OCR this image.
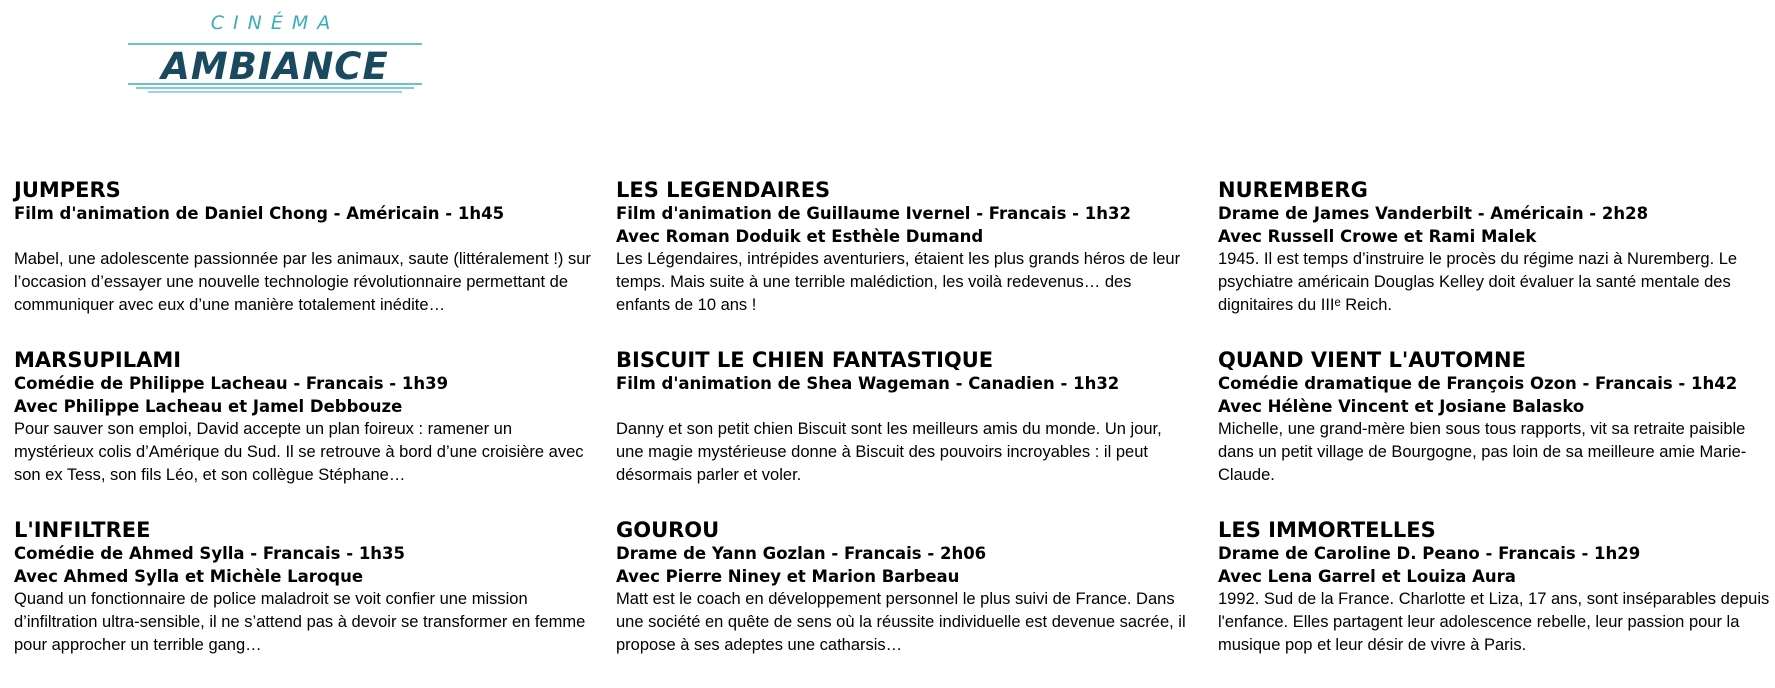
CINÉMA
AMBIANCE
JUMPERS
Film d'animation de Daniel Chong - Américain - 1h45
Mabel, une adolescente passionnée par les animaux, saute (littéralement !) sur l’occasion d’essayer une nouvelle technologie révolutionnaire permettant de communiquer avec eux d’une manière totalement inédite…
MARSUPILAMI
Comédie de Philippe Lacheau - Francais - 1h39
Avec Philippe Lacheau et Jamel Debbouze
Pour sauver son emploi, David accepte un plan foireux : ramener un mystérieux colis d’Amérique du Sud. Il se retrouve à bord d’une croisière avec son ex Tess, son fils Léo, et son collègue Stéphane…
L'INFILTREE
Comédie de Ahmed Sylla - Francais - 1h35
Avec Ahmed Sylla et Michèle Laroque
Quand un fonctionnaire de police maladroit se voit confier une mission d’infiltration ultra-sensible, il ne s’attend pas à devoir se transformer en femme pour approcher un terrible gang…
LES LEGENDAIRES
Film d'animation de Guillaume Ivernel - Francais - 1h32
Avec Roman Doduik et Esthèle Dumand
Les Légendaires, intrépides aventuriers, étaient les plus grands héros de leur temps. Mais suite à une terrible malédiction, les voilà redevenus… des enfants de 10 ans !
BISCUIT LE CHIEN FANTASTIQUE
Film d'animation de Shea Wageman - Canadien - 1h32
Danny et son petit chien Biscuit sont les meilleurs amis du monde. Un jour, une magie mystérieuse donne à Biscuit des pouvoirs incroyables : il peut désormais parler et voler.
GOUROU
Drame de Yann Gozlan - Francais - 2h06
Avec Pierre Niney et Marion Barbeau
Matt est le coach en développement personnel le plus suivi de France. Dans une société en quête de sens où la réussite individuelle est devenue sacrée, il propose à ses adeptes une catharsis…
NUREMBERG
Drame de James Vanderbilt - Américain - 2h28
Avec Russell Crowe et Rami Malek
1945. Il est temps d’instruire le procès du régime nazi à Nuremberg. Le psychiatre américain Douglas Kelley doit évaluer la santé mentale des dignitaires du IIIᵉ Reich.
QUAND VIENT L'AUTOMNE
Comédie dramatique de François Ozon - Francais - 1h42
Avec Hélène Vincent et Josiane Balasko
Michelle, une grand-mère bien sous tous rapports, vit sa retraite paisible dans un petit village de Bourgogne, pas loin de sa meilleure amie Marie-Claude.
LES IMMORTELLES
Drame de Caroline D. Peano - Francais - 1h29
Avec Lena Garrel et Louiza Aura
1992. Sud de la France. Charlotte et Liza, 17 ans, sont inséparables depuis l'enfance. Elles partagent leur adolescence rebelle, leur passion pour la musique pop et leur désir de vivre à Paris.
